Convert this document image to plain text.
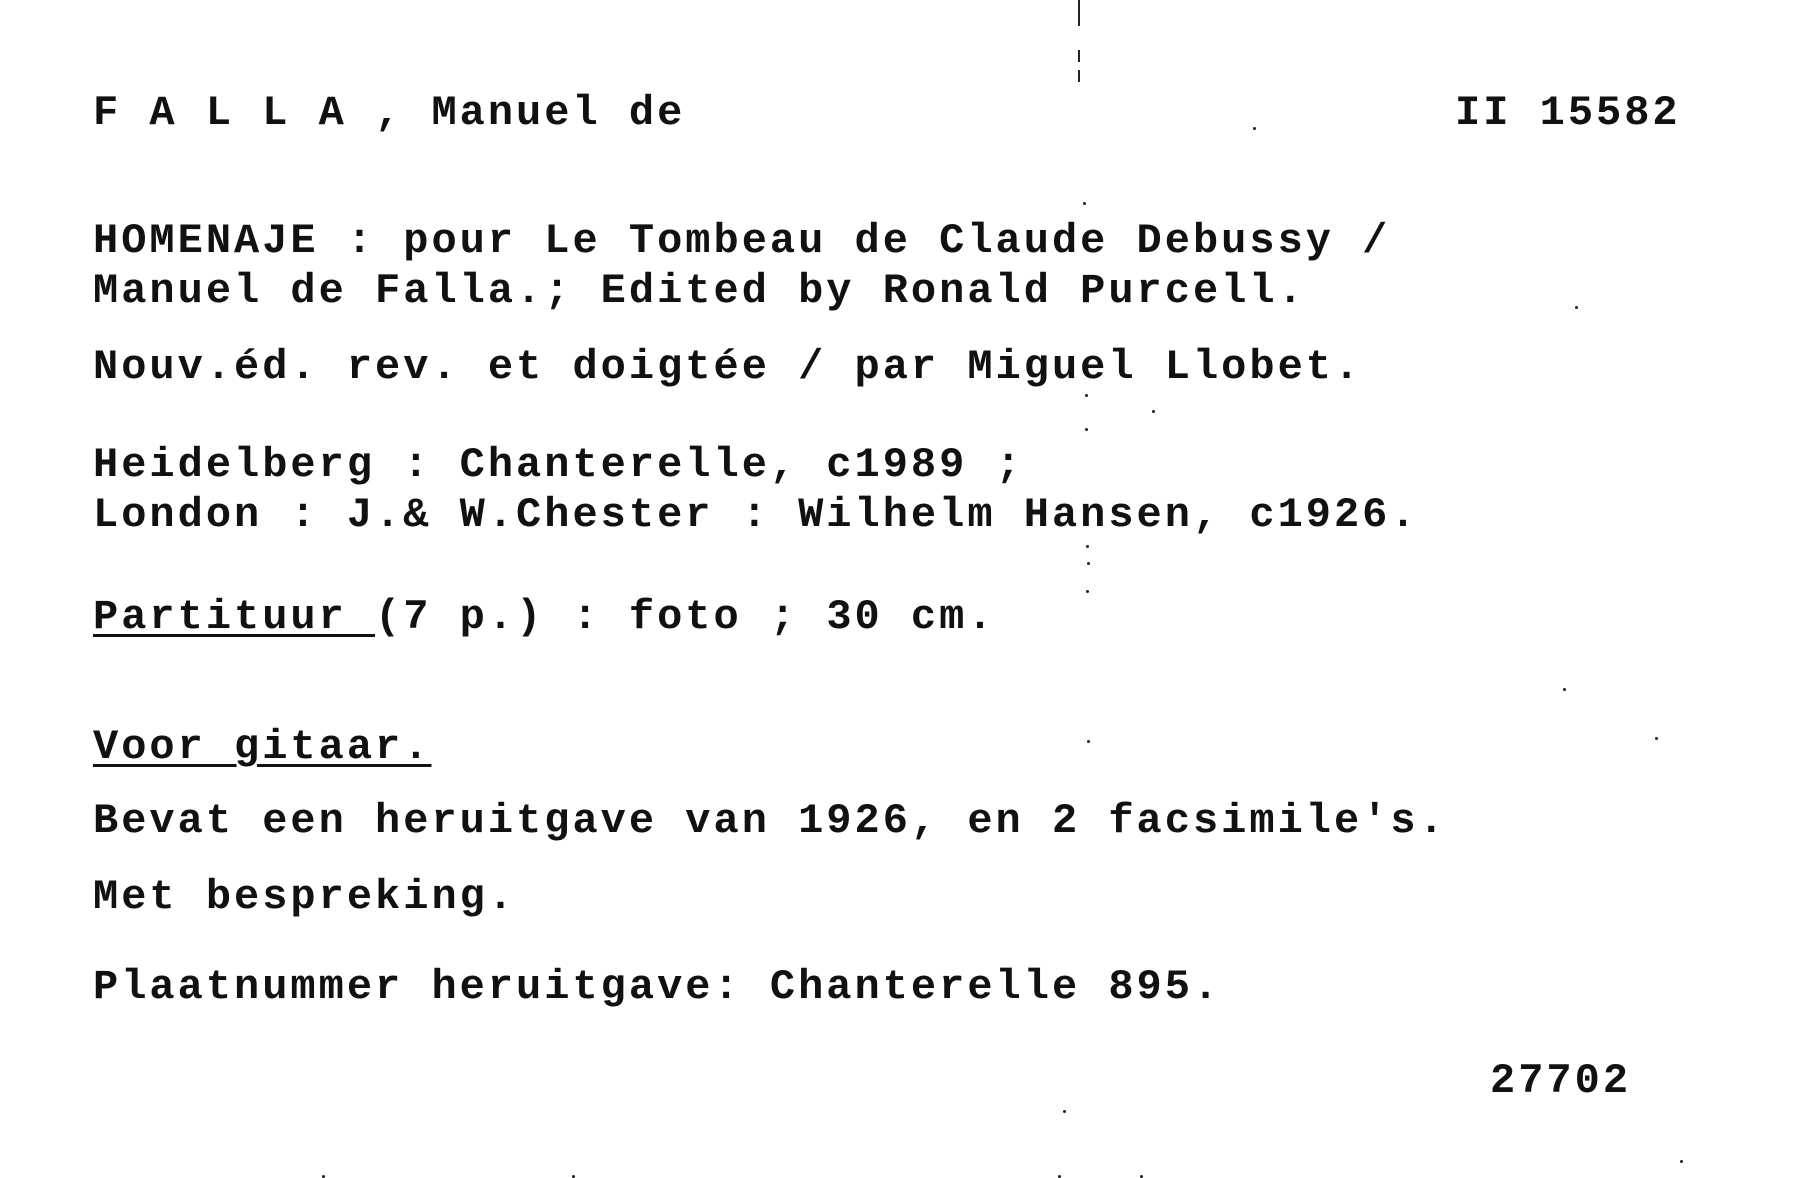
F A L L A , Manuel de	II 15582
HOMENAJE : pour Le Tombeau de Claude Debussy /
Manuel de Falla.; Edited by Ronald Purcell.
Nouv.éd. rev. et doigtée / par Miguel Llobet.
Heidelberg : Chanterelle, c1989 ;
London : J.& W.Chester : Wilhelm Hansen, c1926.
Partituur (7 p.) : foto ; 30 cm.
Voor gitaar.
Bevat een heruitgave van 1926, en 2 facsimile's.
Met bespreking.
Plaatnummer heruitgave: Chanterelle 895.
27702
